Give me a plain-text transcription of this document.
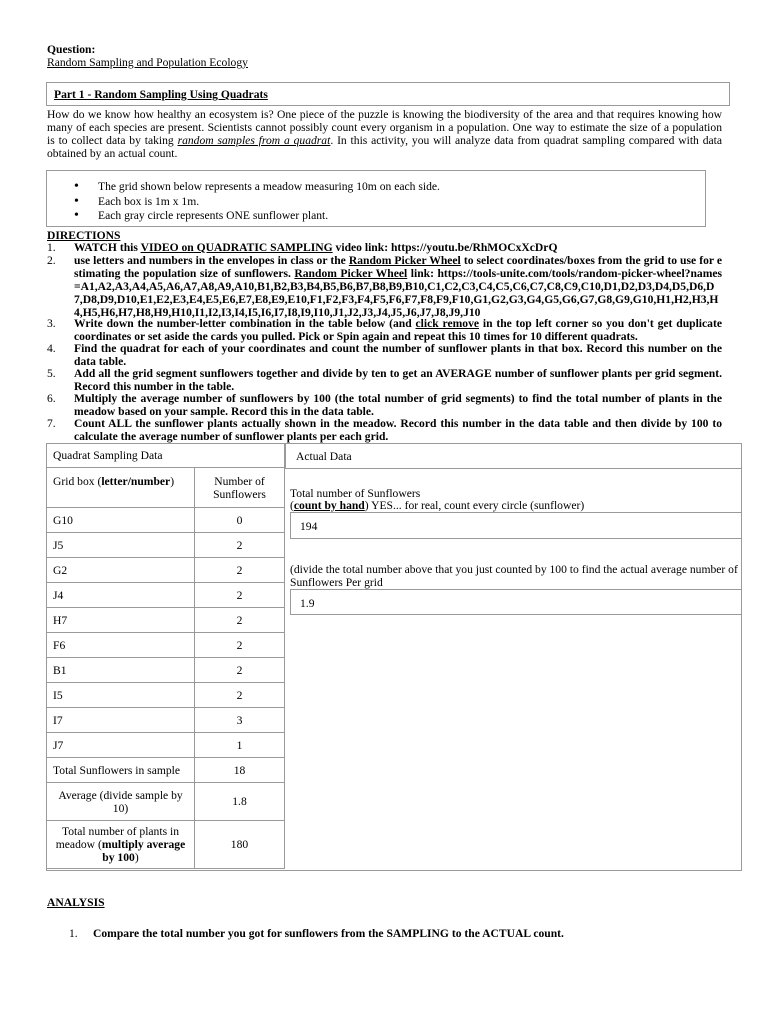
Question:
Random Sampling and Population Ecology
Part 1 - Random Sampling Using Quadrats
How do we know how healthy an ecosystem is? One piece of the puzzle is knowing the biodiversity of the area and that requires knowing how many of each species are present. Scientists cannot possibly count every organism in a population. One way to estimate the size of a population is to collect data by taking random samples from a quadrat. In this activity, you will analyze data from quadrat sampling compared with data obtained by an actual count.
• The grid shown below represents a meadow measuring 10m on each side.
• Each box is 1m x 1m.
• Each gray circle represents ONE sunflower plant.
DIRECTIONS
1. WATCH this VIDEO on QUADRATIC SAMPLING video link: https://youtu.be/RhMOCxXcDrQ
2. use letters and numbers in the envelopes in class or the Random Picker Wheel to select coordinates/boxes from the grid to use for estimating the population size of sunflowers. Random Picker Wheel link: https://tools-unite.com/tools/random-picker-wheel?names=A1,A2,A3,A4,A5,A6,A7,A8,A9,A10,B1,B2,B3,B4,B5,B6,B7,B8,B9,B10,C1,C2,C3,C4,C5,C6,C7,C8,C9,C10,D1,D2,D3,D4,D5,D6,D7,D8,D9,D10,E1,E2,E3,E4,E5,E6,E7,E8,E9,E10,F1,F2,F3,F4,F5,F6,F7,F8,F9,F10,G1,G2,G3,G4,G5,G6,G7,G8,G9,G10,H1,H2,H3,H4,H5,H6,H7,H8,H9,H10,I1,I2,I3,I4,I5,I6,I7,I8,I9,I10,J1,J2,J3,J4,J5,J6,J7,J8,J9,J10
3. Write down the number-letter combination in the table below (and click remove in the top left corner so you don't get duplicate coordinates or set aside the cards you pulled. Pick or Spin again and repeat this 10 times for 10 different quadrats.
4. Find the quadrat for each of your coordinates and count the number of sunflower plants in that box. Record this number on the data table.
5. Add all the grid segment sunflowers together and divide by ten to get an AVERAGE number of sunflower plants per grid segment. Record this number in the table.
6. Multiply the average number of sunflowers by 100 (the total number of grid segments) to find the total number of plants in the meadow based on your sample. Record this in the data table.
7. Count ALL the sunflower plants actually shown in the meadow. Record this number in the data table and then divide by 100 to calculate the average number of sunflower plants per each grid.
Quadrat Sampling Data	
Grid box (letter/number)	Number of Sunflowers
G10	0
J5	2
G2	2
J4	2
H7	2
F6	2
B1	2
I5	2
I7	3
J7	1
Total Sunflowers in sample	18
Average (divide sample by 10)	1.8
Total number of plants in meadow (multiply average by 100)	180
Actual Data
Total number of Sunflowers
(count by hand) YES... for real, count every circle (sunflower)
194
(divide the total number above that you just counted by 100 to find the actual average number of Sunflowers Per grid
1.9
ANALYSIS
1. Compare the total number you got for sunflowers from the SAMPLING to the ACTUAL count.
